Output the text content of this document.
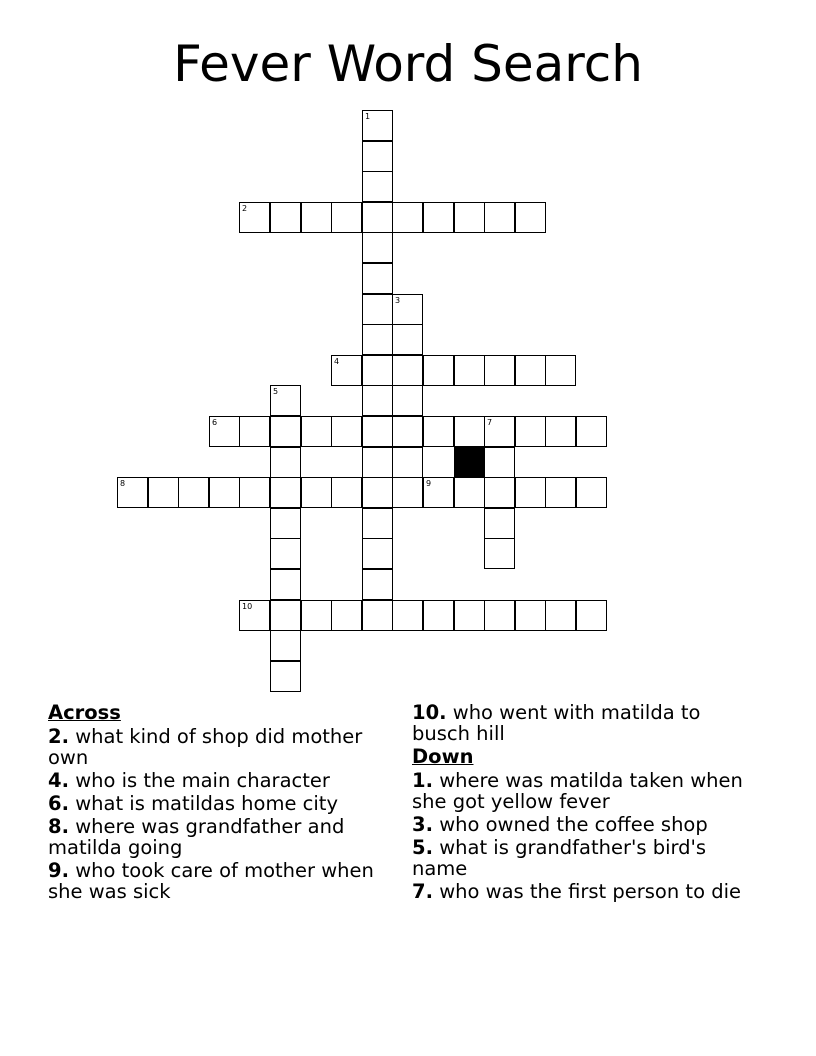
Fever Word Search
1
2
3
4
5
6	7
8	9
10
Across
2. what kind of shop did mother own
4. who is the main character
6. what is matildas home city
8. where was grandfather and matilda going
9. who took care of mother when she was sick
10. who went with matilda to busch hill
Down
1. where was matilda taken when she got yellow fever
3. who owned the coffee shop
5. what is grandfather's bird's name
7. who was the first person to die
